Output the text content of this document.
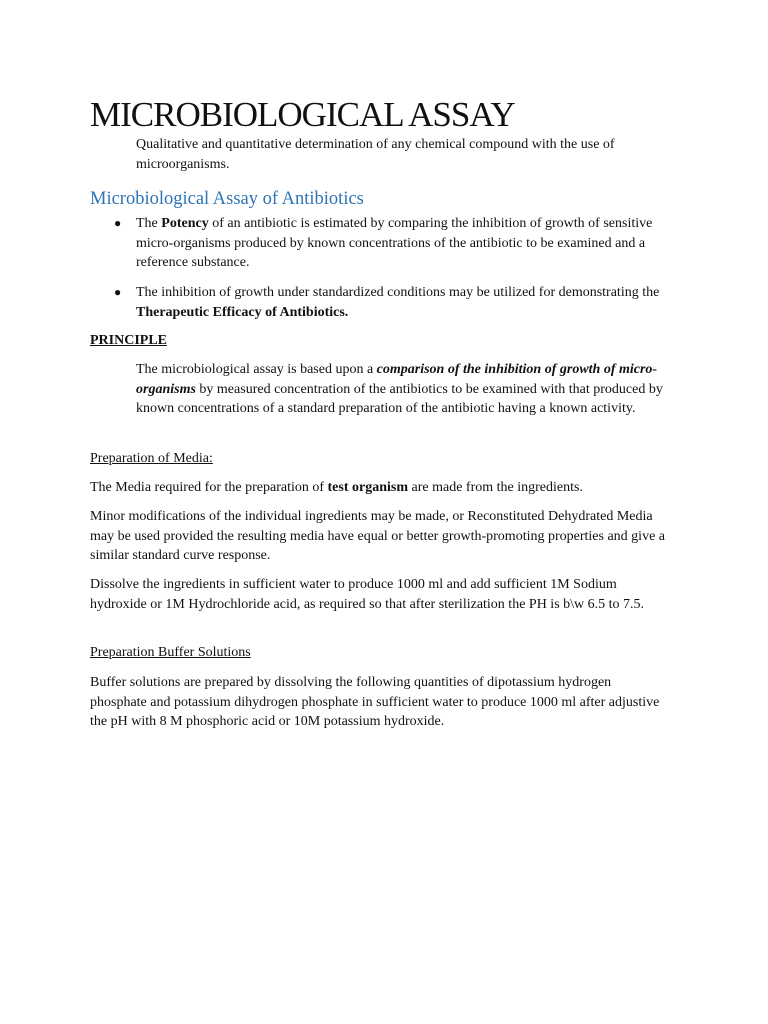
MICROBIOLOGICAL ASSAY

Qualitative and quantitative determination of any chemical compound with the use of microorganisms.

Microbiological Assay of Antibiotics
●	The Potency of an antibiotic is estimated by comparing the inhibition of growth of sensitive micro-organisms produced by known concentrations of the antibiotic to be examined and a reference substance.
●	The inhibition of growth under standardized conditions may be utilized for demonstrating the Therapeutic Efficacy of Antibiotics.

PRINCIPLE

The microbiological assay is based upon a comparison of the inhibition of growth of micro-organisms by measured concentration of the antibiotics to be examined with that produced by known concentrations of a standard preparation of the antibiotic having a known activity.

Preparation of Media:

The Media required for the preparation of test organism are made from the ingredients.

Minor modifications of the individual ingredients may be made, or Reconstituted Dehydrated Media may be used provided the resulting media have equal or better growth-promoting properties and give a similar standard curve response.

Dissolve the ingredients in sufficient water to produce 1000 ml and add sufficient 1M Sodium hydroxide or 1M Hydrochloride acid, as required so that after sterilization the PH is b\w 6.5 to 7.5.

Preparation Buffer Solutions

Buffer solutions are prepared by dissolving the following quantities of dipotassium hydrogen phosphate and potassium dihydrogen phosphate in sufficient water to produce 1000 ml after adjustive the pH with 8 M phosphoric acid or 10M potassium hydroxide.
